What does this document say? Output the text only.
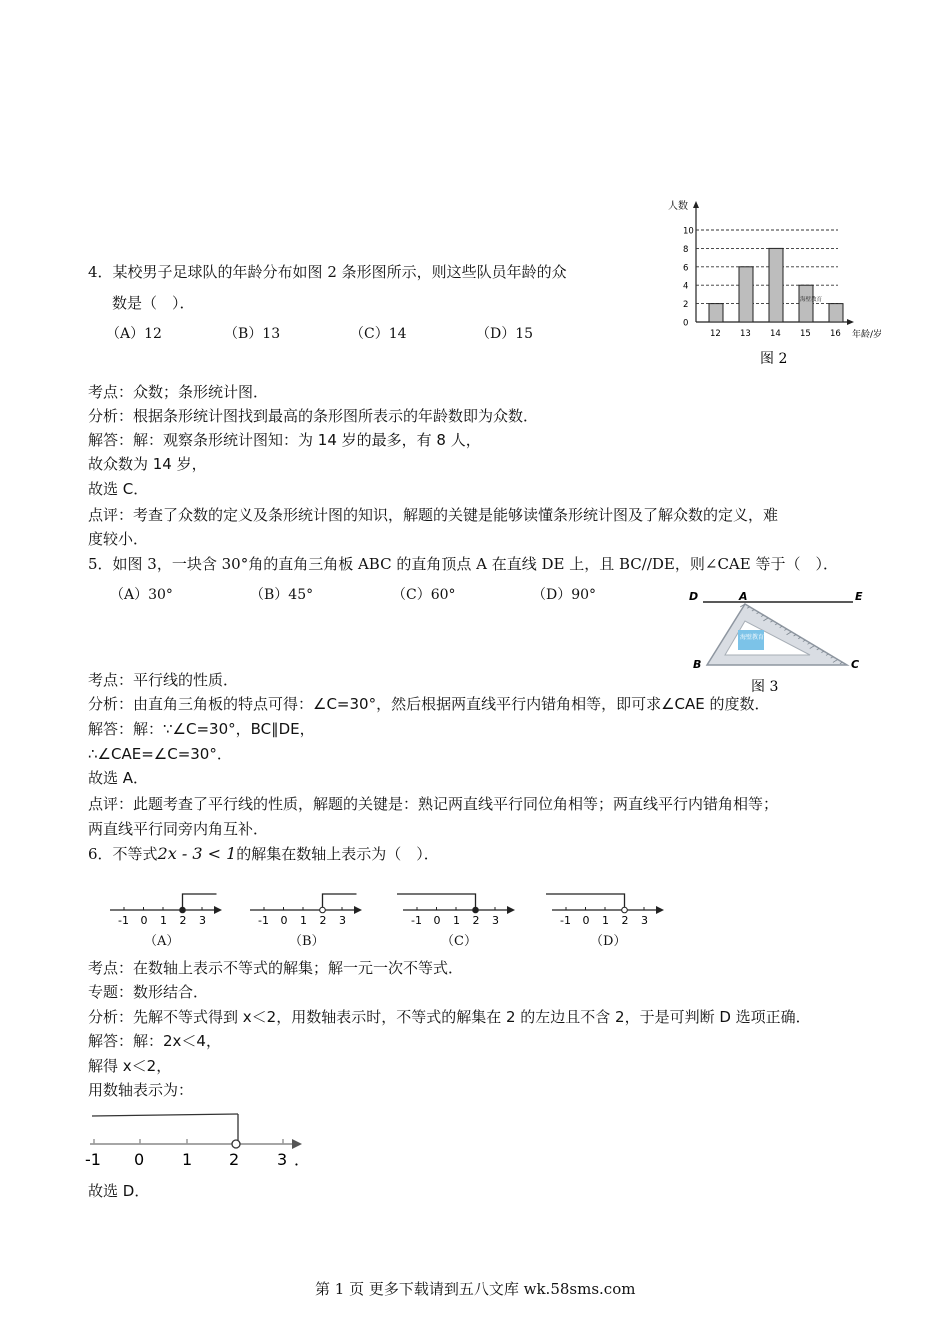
4．某校男子足球队的年龄分布如图 2 条形图所示，则这些队员年龄的众
数是（　）．
（A）12	（B）13	（C）14	（D）15
人数
0
2
4
6
8
10
海壁教育
12 13 14 15 16 年龄/岁
图 2
考点：众数；条形统计图．
分析：根据条形统计图找到最高的条形图所表示的年龄数即为众数．
解答：解：观察条形统计图知：为 14 岁的最多，有 8 人，
故众数为 14 岁，
故选 C．
点评：考查了众数的定义及条形统计图的知识，解题的关键是能够读懂条形统计图及了解众数的定义，难
度较小．
5．如图 3，一块含 30°角的直角三角板 ABC 的直角顶点 A 在直线 DE 上，且 BC//DE，则∠CAE 等于（　）．
（A）30°	（B）45°	（C）60°	（D）90°	D	A	E
海壁教育
B	C
图 3
考点：平行线的性质．
分析：由直角三角板的特点可得：∠C=30°，然后根据两直线平行内错角相等，即可求∠CAE 的度数．
解答：解：∵∠C=30°，BC∥DE，
∴∠CAE=∠C=30°．
故选 A．
点评：此题考查了平行线的性质，解题的关键是：熟记两直线平行同位角相等；两直线平行内错角相等；
两直线平行同旁内角互补．
6．不等式2x - 3 < 1的解集在数轴上表示为（　）．
-1 0 1 2 3	-1 0 1 2 3	-1 0 1 2 3	-1 0 1 2 3
（A）	（B）	（C）	（D）
考点：在数轴上表示不等式的解集；解一元一次不等式．
专题：数形结合．
分析：先解不等式得到 x＜2，用数轴表示时，不等式的解集在 2 的左边且不含 2，于是可判断 D 选项正确．
解答：解：2x＜4，
解得 x＜2，
用数轴表示为：
-1 0 1 2 3 ．
故选 D．
第 1 页 更多下载请到五八文库 wk.58sms.com
